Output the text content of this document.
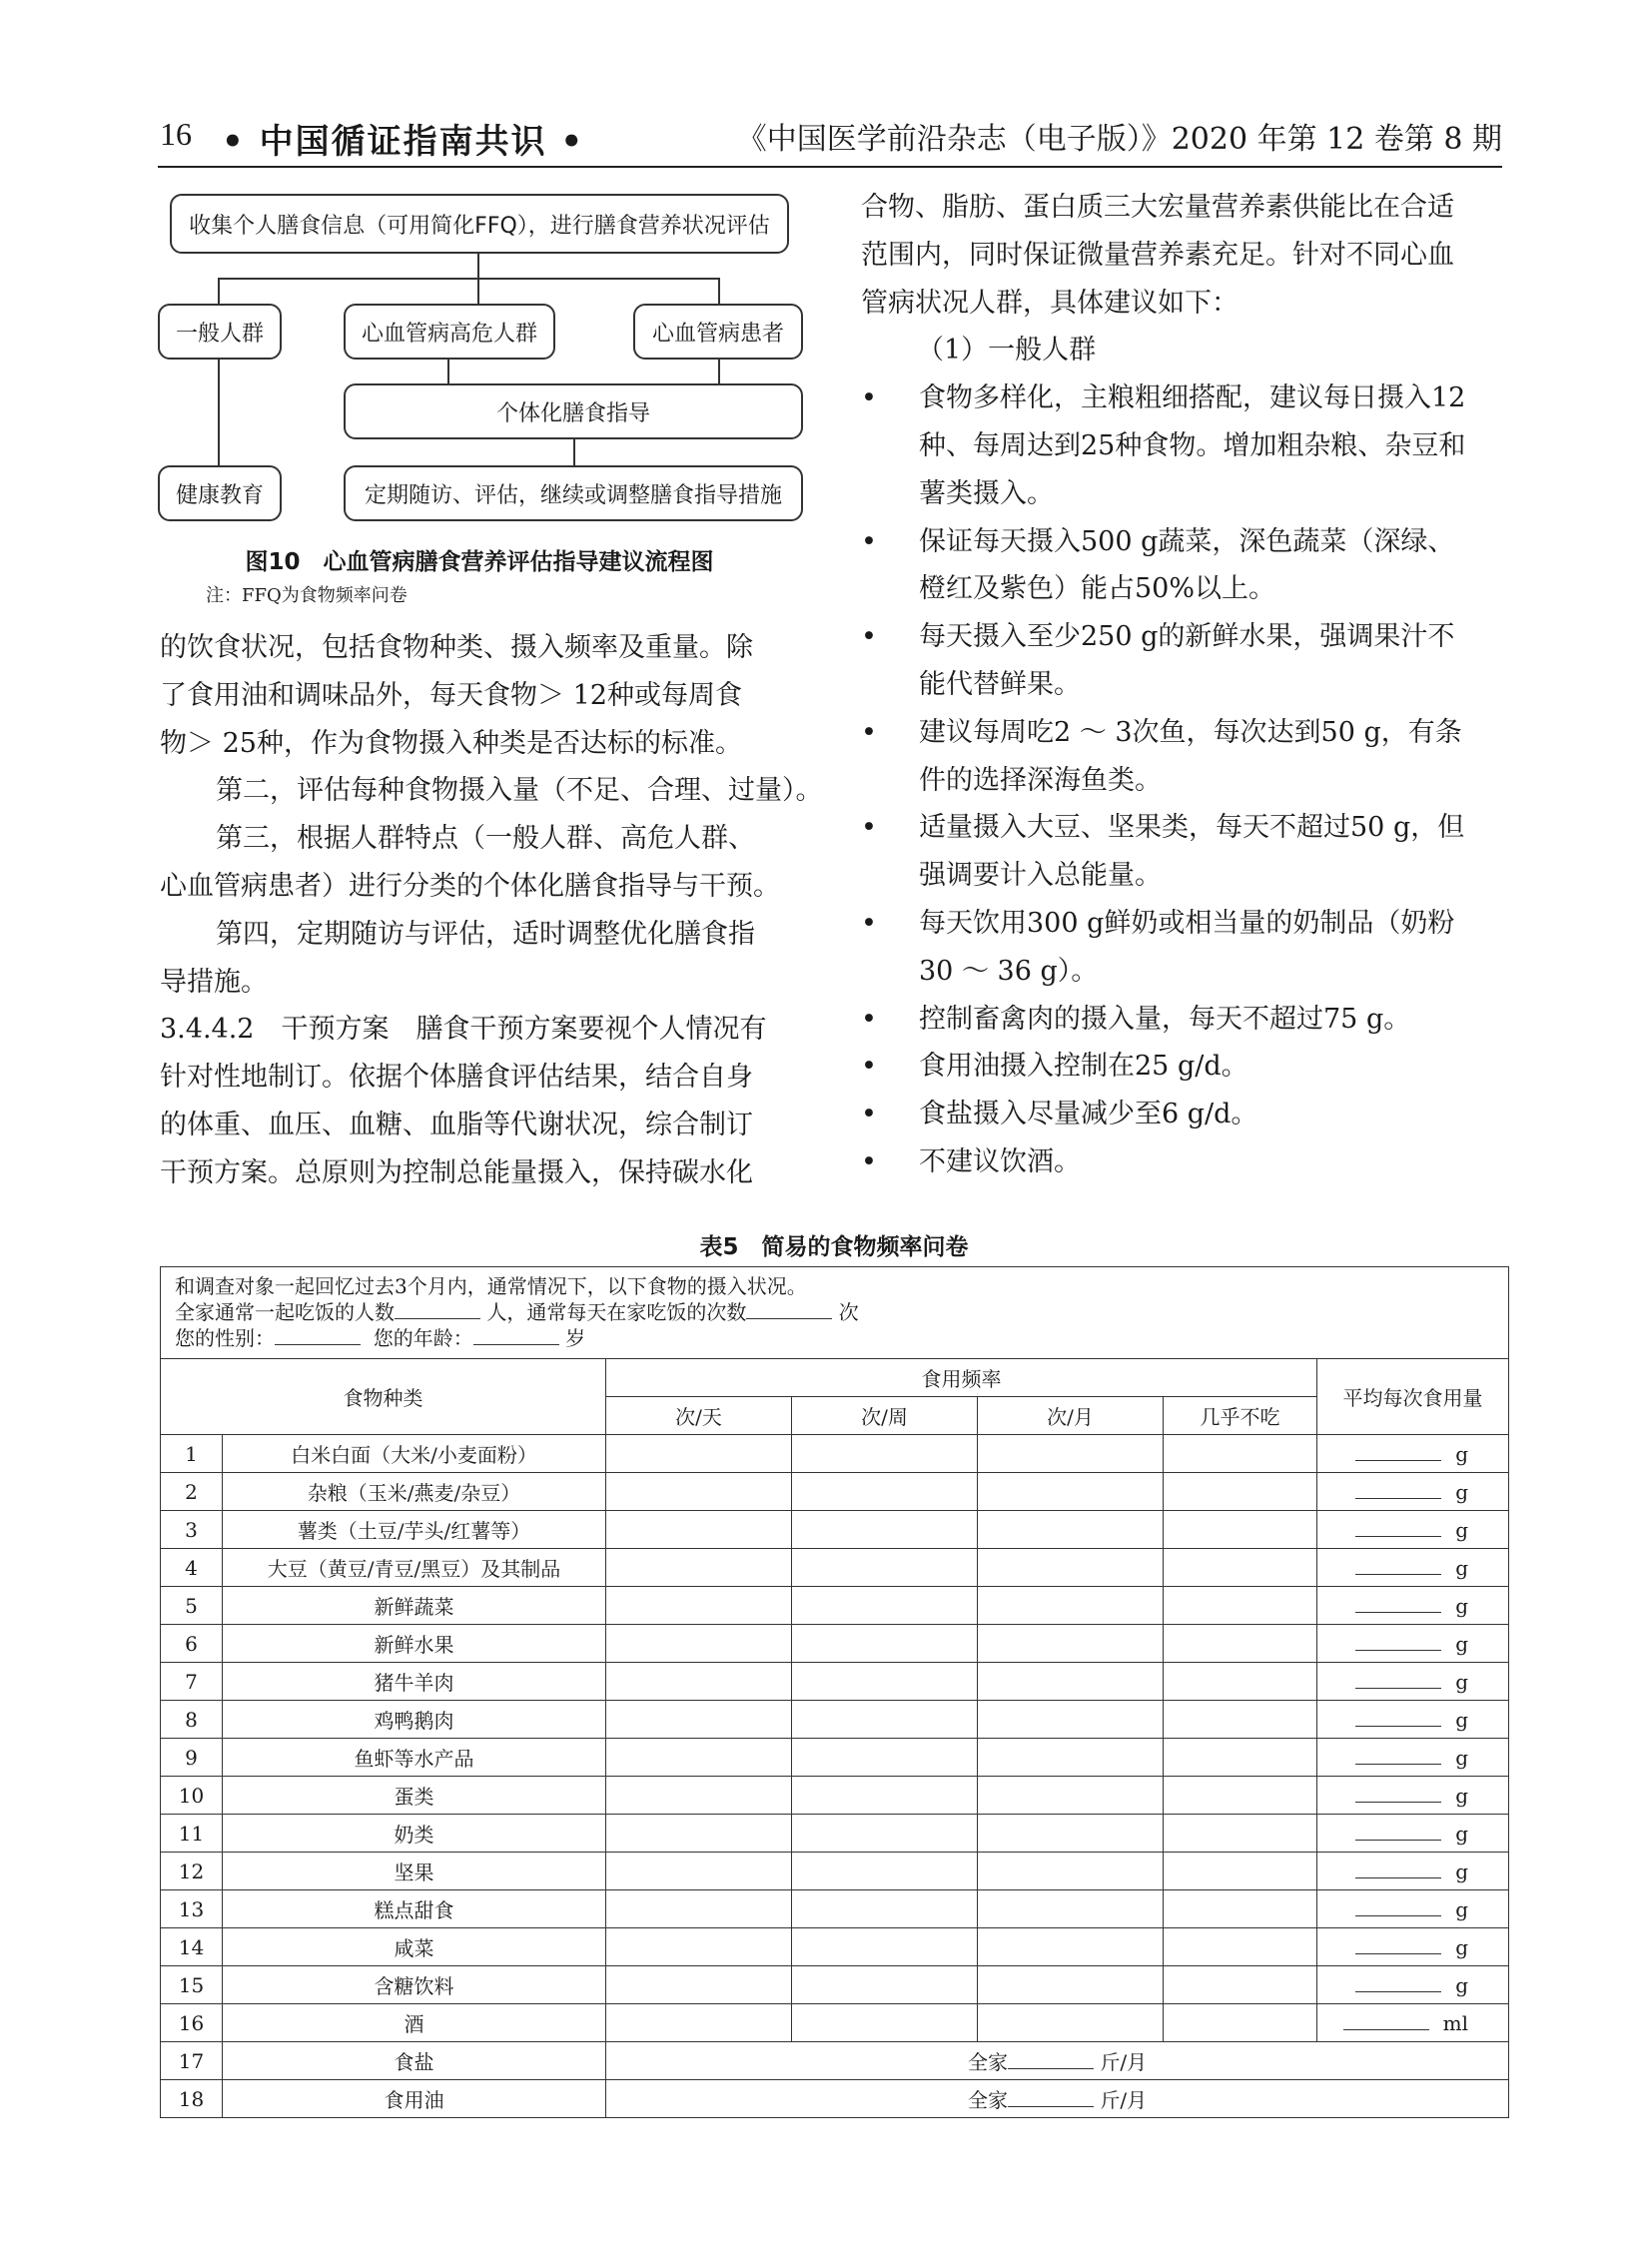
16 • 中国循证指南共识 •	《中国医学前沿杂志（电子版）》2020 年第 12 卷第 8 期
收集个人膳食信息（可用简化FFQ），进行膳食营养状况评估
一般人群	心血管病高危人群	心血管病患者
个体化膳食指导
健康教育	定期随访、评估，继续或调整膳食指导措施
图10　心血管病膳食营养评估指导建议流程图
注：FFQ为食物频率问卷

的饮食状况，包括食物种类、摄入频率及重量。除

了食用油和调味品外，每天食物＞ 12种或每周食

物＞ 25种，作为食物摄入种类是否达标的标准。

第二，评估每种食物摄入量（不足、合理、过量）。

第三，根据人群特点（一般人群、高危人群、

心血管病患者）进行分类的个体化膳食指导与干预。

第四，定期随访与评估，适时调整优化膳食指

导措施。

3.4.4.2　干预方案　膳食干预方案要视个人情况有

针对性地制订。依据个体膳食评估结果，结合自身

的体重、血压、血糖、血脂等代谢状况，综合制订

干预方案。总原则为控制总能量摄入，保持碳水化

合物、脂肪、蛋白质三大宏量营养素供能比在合适

范围内，同时保证微量营养素充足。针对不同心血

管病状况人群，具体建议如下：

（1）一般人群

• 食物多样化，主粮粗细搭配，建议每日摄入12

种、每周达到25种食物。增加粗杂粮、杂豆和

薯类摄入。

• 保证每天摄入500 g蔬菜，深色蔬菜（深绿、

橙红及紫色）能占50%以上。

• 每天摄入至少250 g的新鲜水果，强调果汁不

能代替鲜果。

• 建议每周吃2 ～ 3次鱼，每次达到50 g，有条

件的选择深海鱼类。

• 适量摄入大豆、坚果类，每天不超过50 g，但

强调要计入总能量。

• 每天饮用300 g鲜奶或相当量的奶制品（奶粉

30 ～ 36 g）。

• 控制畜禽肉的摄入量，每天不超过75 g。

• 食用油摄入控制在25 g/d。

• 食盐摄入尽量减少至6 g/d。

• 不建议饮酒。

表5　简易的食物频率问卷
和调查对象一起回忆过去3个月内，通常情况下，以下食物的摄入状况。
全家通常一起吃饭的人数 人，通常每天在家吃饭的次数 次
您的性别： 您的年龄： 岁						

食物种类		食用频率				平均每次食用量
		次/天	次/周	次/月	几乎不吃	
1	白米白面（大米/小麦面粉）					g
2	杂粮（玉米/燕麦/杂豆）					g
3	薯类（土豆/芋头/红薯等）					g
4	大豆（黄豆/青豆/黑豆）及其制品					g
5	新鲜蔬菜					g
6	新鲜水果					g
7	猪牛羊肉					g
8	鸡鸭鹅肉					g
9	鱼虾等水产品					g
10	蛋类					g
11	奶类					g
12	坚果					g
13	糕点甜食					g
14	咸菜					g
15	含糖饮料					g
16	酒					ml
17	食盐	全家 斤/月				
18	食用油	全家 斤/月				
